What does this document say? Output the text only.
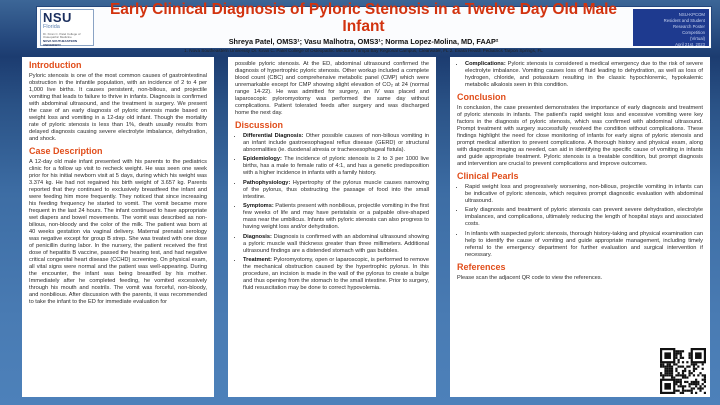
NSU
Florida
Dr. Kiran C. Patel College of Osteopathic Medicine
NOVA SOUTHEASTERN UNIVERSITY
Early Clinical Diagnosis of Pyloric Stenosis in a Twelve Day Old Male Infant
Shreya Patel, OMS3¹; Vasu Malhotra, OMS3¹; Norma Lopez-Molina, MD, FAAP²
1. Nova Southeastern University Dr. Kiran C. Patel College of Osteopathic Medicine Tampa Bay Regional Campus, Clearwater, FL 2. Evara Health Pediatrics Tarpon Springs, FL
NSU-KPCOM
Resident and Student
Research Poster
Competition
(Virtual)
April 21st, 2023
Introduction

Pyloric stenosis is one of the most common causes of gastrointestinal obstruction in the infantile population, with an incidence of 2 to 4 per 1,000 live births. It causes persistent, non-bilious, and projectile vomiting that leads to failure to thrive in infants. Diagnosis is confirmed with abdominal ultrasound, and the treatment is surgery. We present the case of an early diagnosis of pyloric stenosis made based on weight loss and vomiting in a 12-day old infant. Though the mortality rate of pyloric stenosis is less than 1%, death usually results from delayed diagnosis causing severe electrolyte imbalance, dehydration, and shock.

Case Description

A 12-day old male infant presented with his parents to the pediatrics clinic for a follow up visit to recheck weight. He was seen one week prior for his initial newborn visit at 5 days, during which his weight was 3.374 kg. He had not regained his birth weight of 3.657 kg. Parents reported that they continued to exclusively breastfeed the infant and were feeding him more frequently. They noticed that since increasing his feeding frequency he started to vomit. The vomit became more frequent in the last 24 hours. The infant continued to have appropriate wet diapers and bowel movements. The vomit was described as non-bilious, non-bloody and the color of the milk. The patient was born at 40 weeks gestation via vaginal delivery. Maternal prenatal serology was negative except for group B strep. She was treated with one dose of penicillin during labor. In the nursery, the patient received the first dose of hepatitis B vaccine, passed the hearing test, and had negative critical congenital heart disease (CCHD) screening. On physical exam, all vital signs were normal and the patient was well-appearing. During the encounter, the infant was being breastfed by his mother. Immediately after he completed feeding, he vomited excessively through his mouth and nostrils. The vomit was forceful, non-bloody, and nonbilious. After discussion with the parents, it was recommended to take the infant to the ED for immediate evaluation for

possible pyloric stenosis. At the ED, abdominal ultrasound confirmed the diagnosis of hypertrophic pyloric stenosis. Other workup included a complete blood count (CBC) and comprehensive metabolic panel (CMP) which were unremarkable except for CMP showing slight elevation of CO₂ at 24 (normal range 14-22). He was admitted for surgery, an IV was placed and laparoscopic pyloromyotomy was performed the same day without complications. Patient tolerated feeds after surgery and was discharged home the next day.

Discussion
• Differential Diagnosis: Other possible causes of non-bilious vomiting in an infant include gastroesophageal reflux disease (GERD) or structural abnormalities (ie. duodenal atresia or tracheoesophageal fistula).
• Epidemiology: The incidence of pyloric stenosis is 2 to 3 per 1000 live births, has a male to female ratio of 4:1, and has a genetic predisposition with a higher incidence in infants with a family history.
• Pathophysiology: Hypertrophy of the pylorus muscle causes narrowing of the pylorus, thus obstructing the passage of food into the small intestine.
• Symptoms: Patients present with nonbilious, projectile vomiting in the first few weeks of life and may have peristalsis or a palpable olive-shaped mass near the umbilicus. Infants with pyloric stenosis can also progress to having weight loss and/or dehydration.
• Diagnosis: Diagnosis is confirmed with an abdominal ultrasound showing a pyloric muscle wall thickness greater than three millimeters. Additional ultrasound findings are a distended stomach with gas bubbles.
• Treatment: Pyloromyotomy, open or laparoscopic, is performed to remove the mechanical obstruction caused by the hypertrophic pylorus. In this procedure, an incision is made in the wall of the pylorus to create a bulge and thus opening from the stomach to the small intestine. Prior to surgery, fluid resuscitation may be done to correct hypovolemia.
• Complications: Pyloric stenosis is considered a medical emergency due to the risk of severe electrolyte imbalance. Vomiting causes loss of fluid leading to dehydration, as well as loss of hydrogen, chloride, and potassium resulting in the classic hypochloremic, hypokalemic metabolic alkalosis seen in this condition.
Conclusion

In conclusion, the case presented demonstrates the importance of early diagnosis and treatment of pyloric stenosis in infants. The patient's rapid weight loss and excessive vomiting were key factors in the diagnosis of pyloric stenosis, which was confirmed with abdominal ultrasound. Prompt treatment with surgery successfully resolved the condition without complications. These findings highlight the need for close monitoring of infants for early signs of pyloric stenosis and prompt medical attention to prevent complications. A thorough history and physical exam, along with diagnostic imaging as needed, can aid in identifying the specific cause of vomiting in infants and guide appropriate treatment. Pyloric stenosis is a treatable condition, but prompt diagnosis and intervention are crucial to prevent complications and improve outcomes.

Clinical Pearls
• Rapid weight loss and progressively worsening, non-bilious, projectile vomiting in infants can be indicative of pyloric stenosis, which requires prompt diagnostic evaluation with abdominal ultrasound.
• Early diagnosis and treatment of pyloric stenosis can prevent severe dehydration, electrolyte imbalances, and complications, ultimately reducing the length of hospital stays and associated costs.
• In infants with suspected pyloric stenosis, thorough history-taking and physical examination can help to identify the cause of vomiting and guide appropriate management, including timely referral to the emergency department for further evaluation and surgical intervention if necessary.
References

Please scan the adjacent QR code to view the references.
